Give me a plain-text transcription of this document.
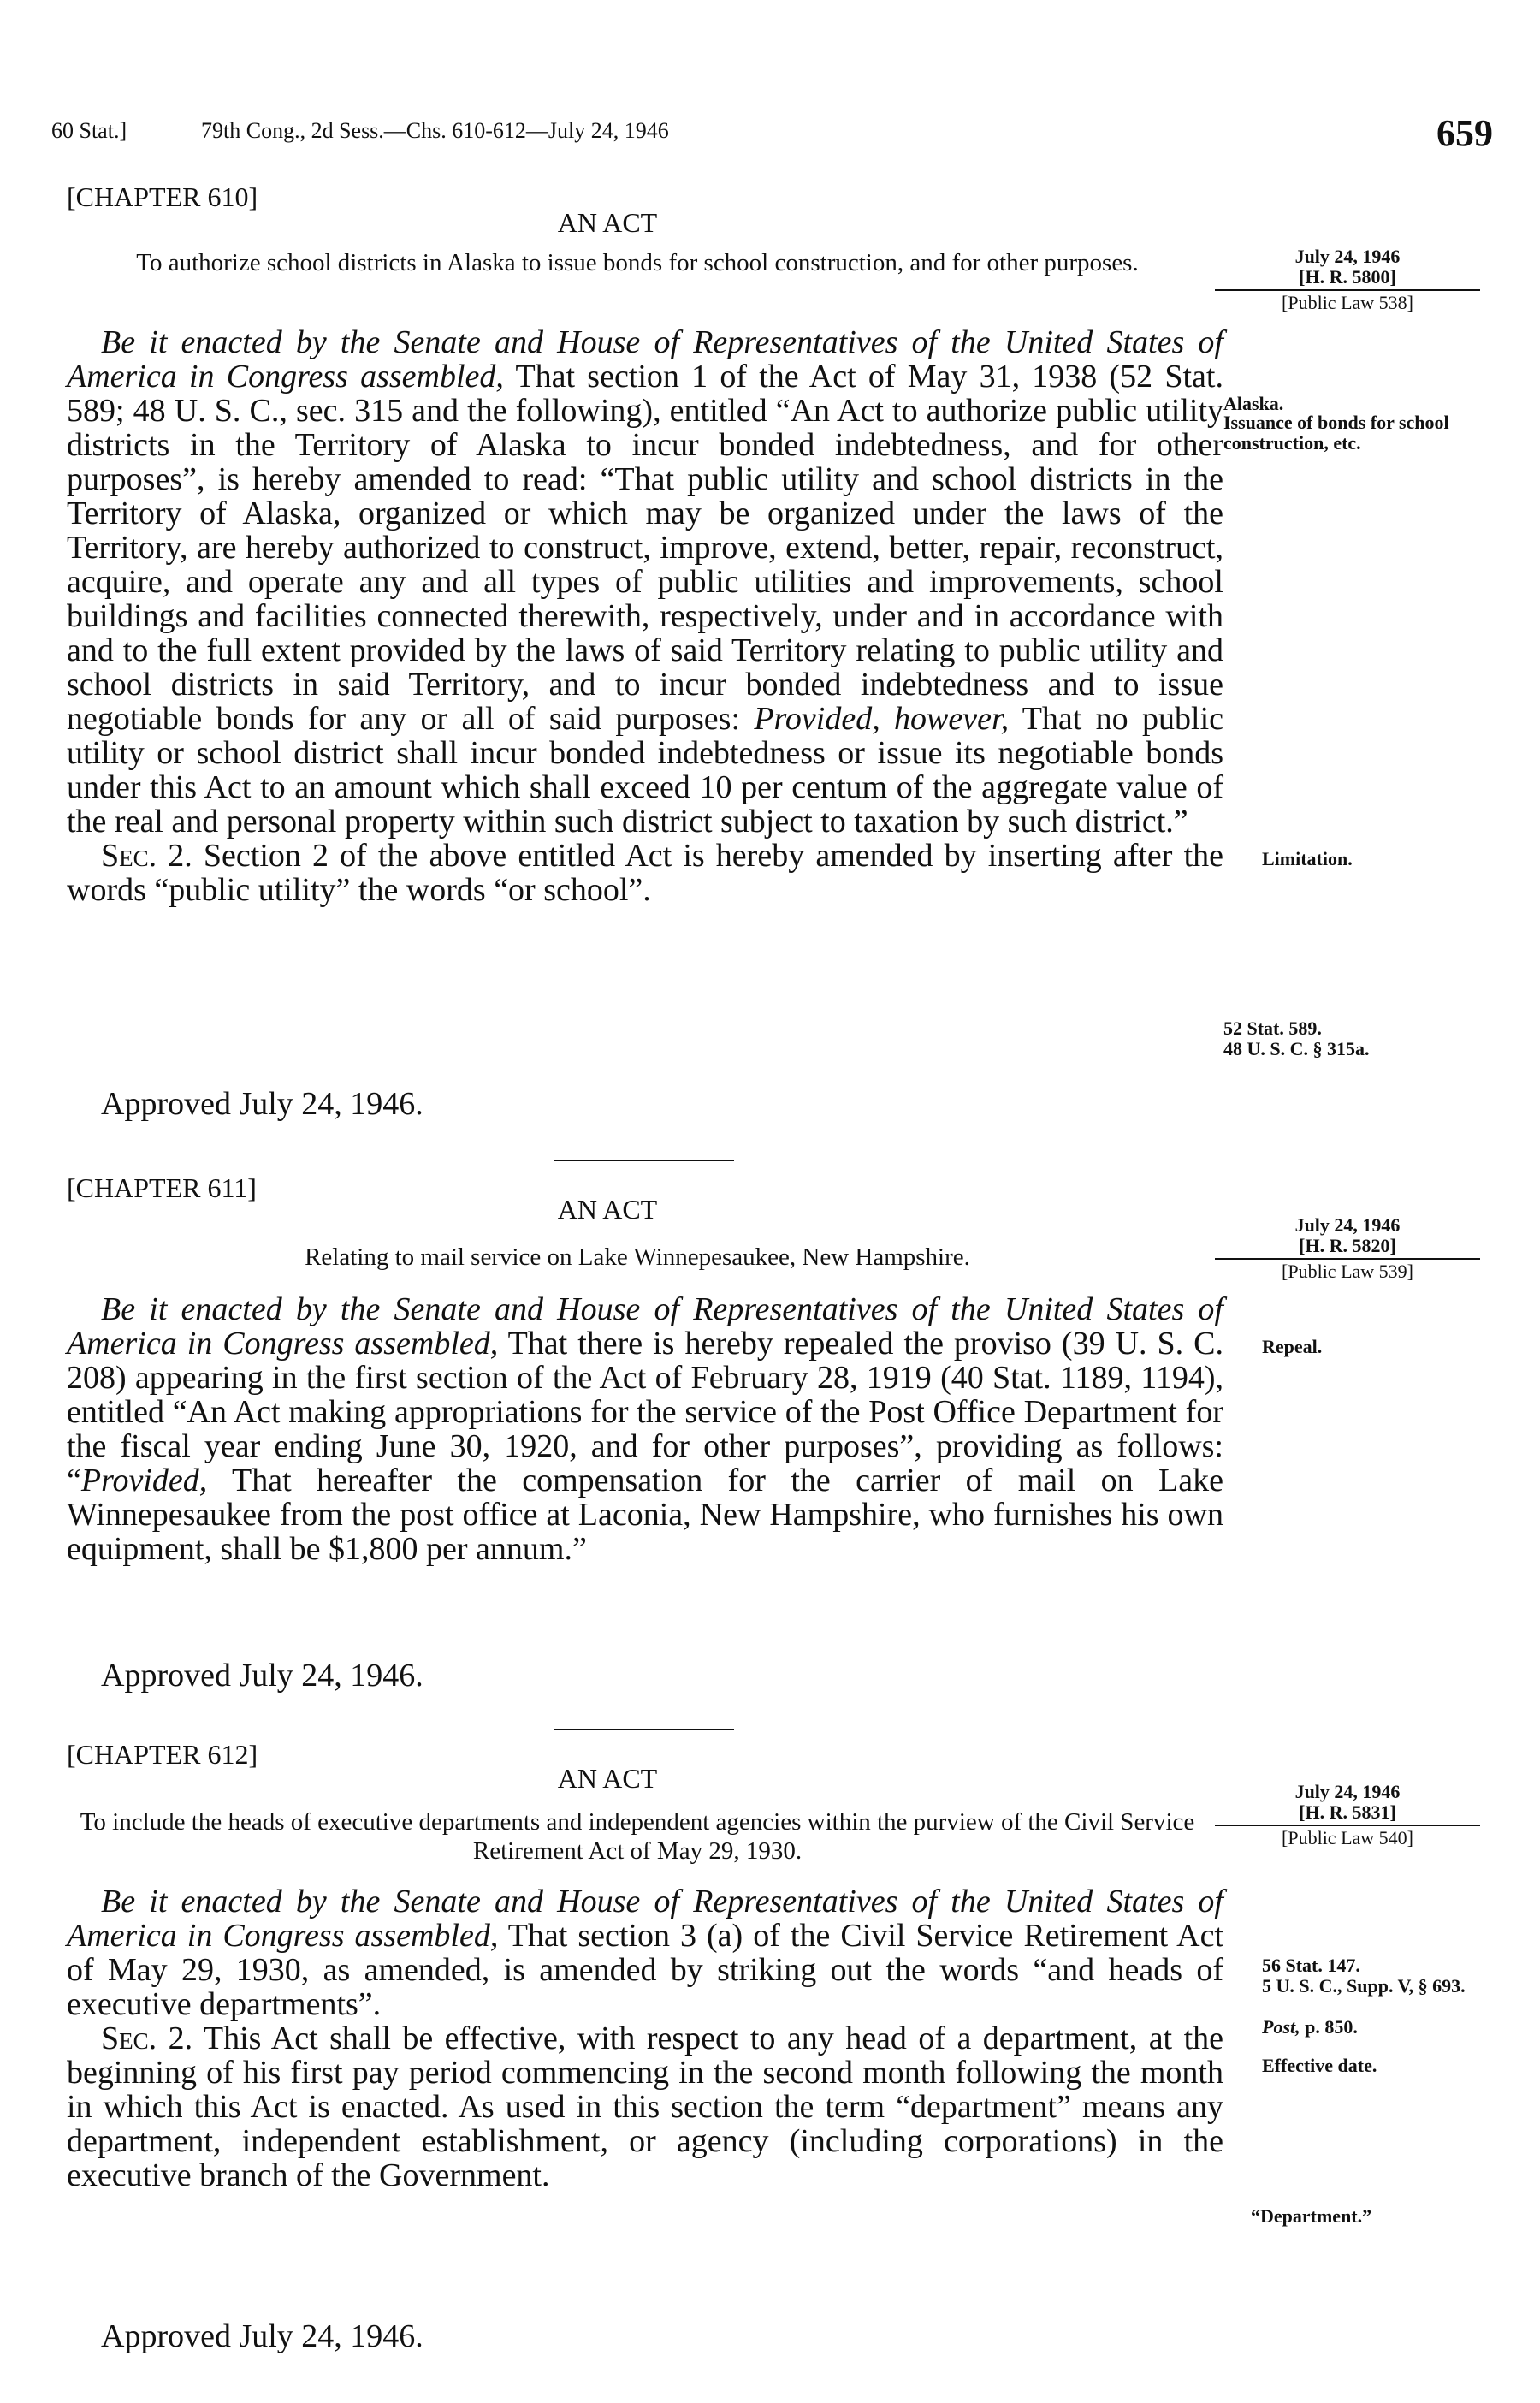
60 Stat.]	79th Cong., 2d Sess.—Chs. 610-612—July 24, 1946	659
[CHAPTER 610]
AN ACT
To authorize school districts in Alaska to issue bonds for school construction, and for other purposes.	July 24, 1946
[H. R. 5800]
[Public Law 538]

Be it enacted by the Senate and House of Representatives of the United States of America in Congress assembled, That section 1 of the Act of May 31, 1938 (52 Stat. 589; 48 U. S. C., sec. 315 and the following), entitled “An Act to authorize public utility districts in the Territory of Alaska to incur bonded indebtedness, and for other purposes”, is hereby amended to read: “That public utility and school districts in the Territory of Alaska, organized or which may be organized under the laws of the Territory, are hereby authorized to construct, improve, extend, better, repair, reconstruct, acquire, and operate any and all types of public utilities and improvements, school buildings and facilities connected therewith, respectively, under and in accordance with and to the full extent provided by the laws of said Territory relating to public utility and school districts in said Territory, and to incur bonded indebtedness and to issue negotiable bonds for any or all of said purposes: Provided, however, That no public utility or school district shall incur bonded indebtedness or issue its negotiable bonds under this Act to an amount which shall exceed 10 per centum of the aggregate value of the real and personal property within such district subject to taxation by such district.”

Sec. 2. Section 2 of the above entitled Act is hereby amended by inserting after the words “public utility” the words “or school”.

Approved July 24, 1946.
Alaska.
Issuance of bonds for school construction, etc.
Limitation.
52 Stat. 589.
48 U. S. C. § 315a.
[CHAPTER 611]
AN ACT
Relating to mail service on Lake Winnepesaukee, New Hampshire.
July 24, 1946
[H. R. 5820]
[Public Law 539]

Be it enacted by the Senate and House of Representatives of the United States of America in Congress assembled, That there is hereby repealed the proviso (39 U. S. C. 208) appearing in the first section of the Act of February 28, 1919 (40 Stat. 1189, 1194), entitled “An Act making appropriations for the service of the Post Office Department for the fiscal year ending June 30, 1920, and for other purposes”, providing as follows: “Provided, That hereafter the compensation for the carrier of mail on Lake Winnepesaukee from the post office at Laconia, New Hampshire, who furnishes his own equipment, shall be $1,800 per annum.”

Approved July 24, 1946.
Repeal.
[CHAPTER 612]
AN ACT
To include the heads of executive departments and independent agencies within the purview of the Civil Service Retirement Act of May 29, 1930.
July 24, 1946
[H. R. 5831]
[Public Law 540]

Be it enacted by the Senate and House of Representatives of the United States of America in Congress assembled, That section 3 (a) of the Civil Service Retirement Act of May 29, 1930, as amended, is amended by striking out the words “and heads of executive departments”.

Sec. 2. This Act shall be effective, with respect to any head of a department, at the beginning of his first pay period commencing in the second month following the month in which this Act is enacted. As used in this section the term “department” means any department, independent establishment, or agency (including corporations) in the executive branch of the Government.

Approved July 24, 1946.
56 Stat. 147.
5 U. S. C., Supp. V, § 693.
Post, p. 850.
Effective date.
“Department.”
